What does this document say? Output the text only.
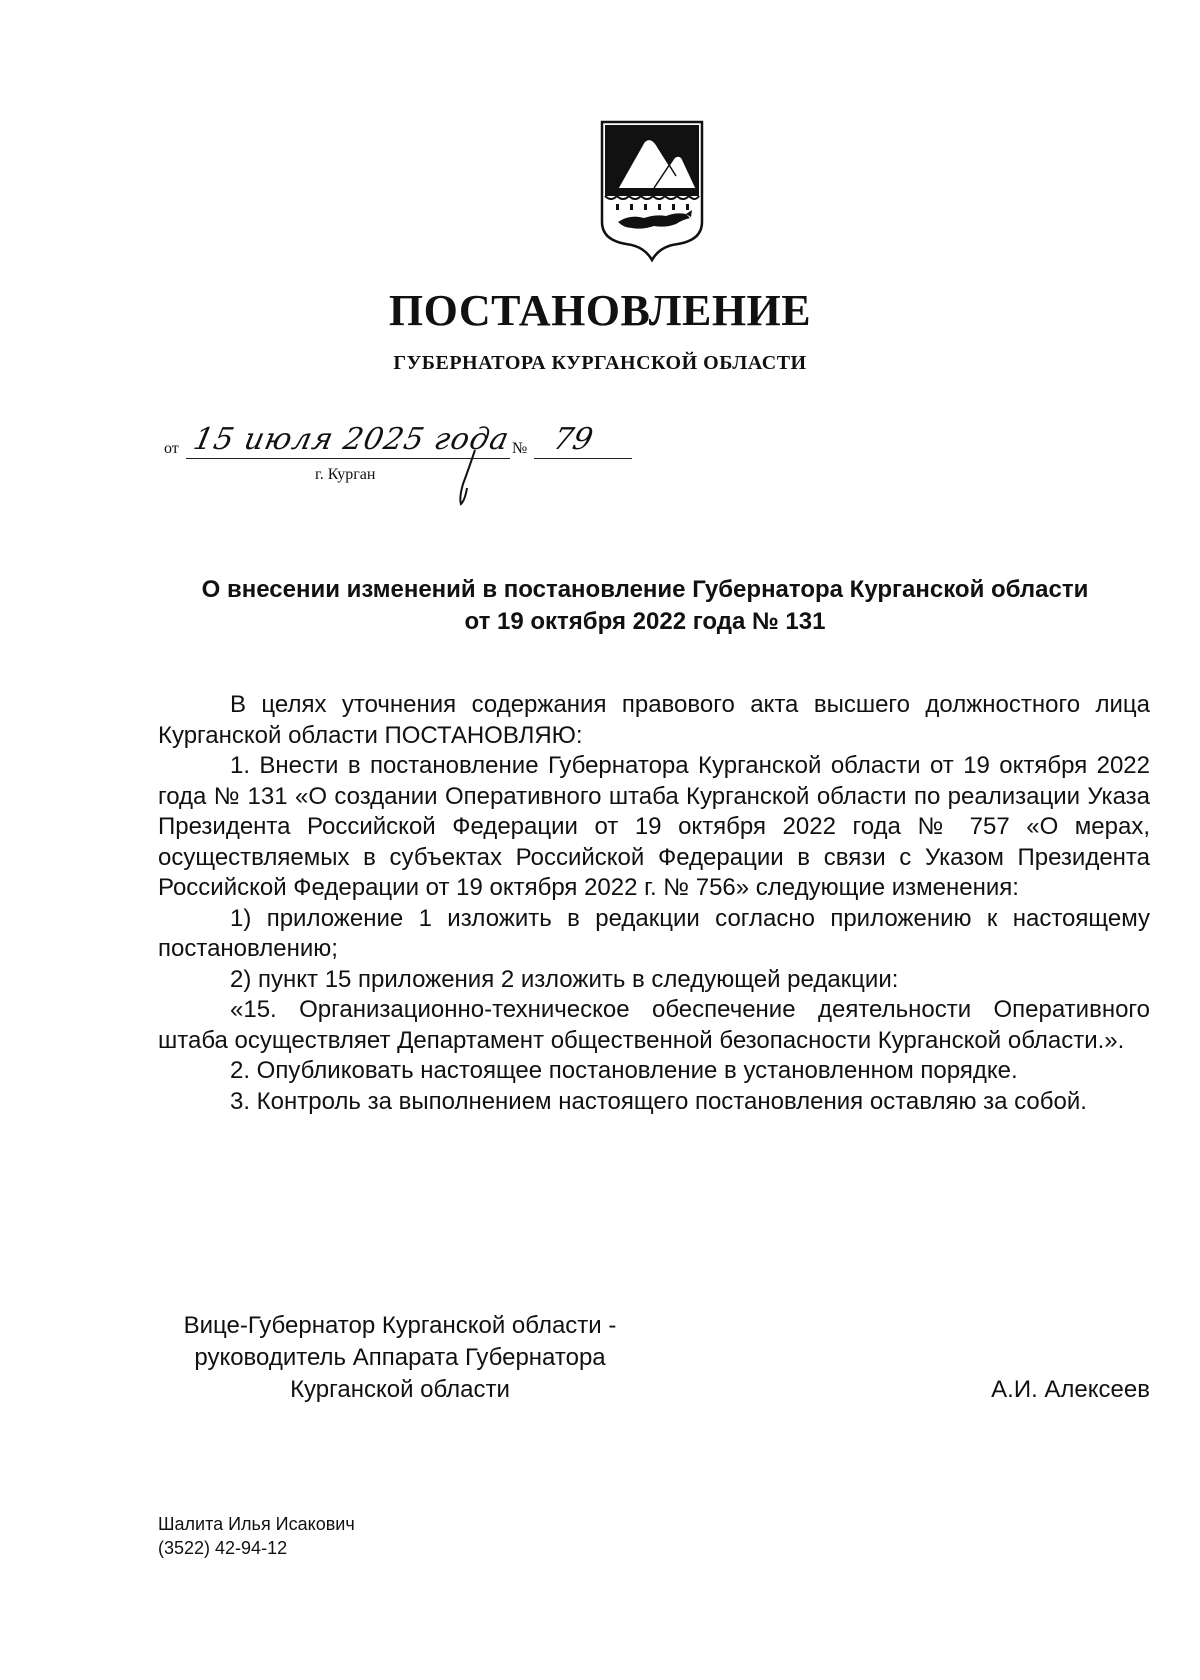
ПОСТАНОВЛЕНИЕ
ГУБЕРНАТОРА КУРГАНСКОЙ ОБЛАСТИ
от 15 июля 2025 года № 79
г. Курган
О внесении изменений в постановление Губернатора Курганской области
от 19 октября 2022 года № 131

В целях уточнения содержания правового акта высшего должностного лица Курганской области ПОСТАНОВЛЯЮ:

1. Внести в постановление Губернатора Курганской области от 19 октября 2022 года № 131 «О создании Оперативного штаба Курганской области по реализации Указа Президента Российской Федерации от 19 октября 2022 года № 757 «О мерах, осуществляемых в субъектах Российской Федерации в связи с Указом Президента Российской Федерации от 19 октября 2022 г. № 756» следующие изменения:

1) приложение 1 изложить в редакции согласно приложению к настоящему постановлению;

2) пункт 15 приложения 2 изложить в следующей редакции:

«15. Организационно-техническое обеспечение деятельности Оперативного штаба осуществляет Департамент общественной безопасности Курганской области.».

2. Опубликовать настоящее постановление в установленном порядке.

3. Контроль за выполнением настоящего постановления оставляю за собой.

Вице-Губернатор Курганской области -
руководитель Аппарата Губернатора
Курганской области	А.И. Алексеев
Шалита Илья Исакович
(3522) 42-94-12
